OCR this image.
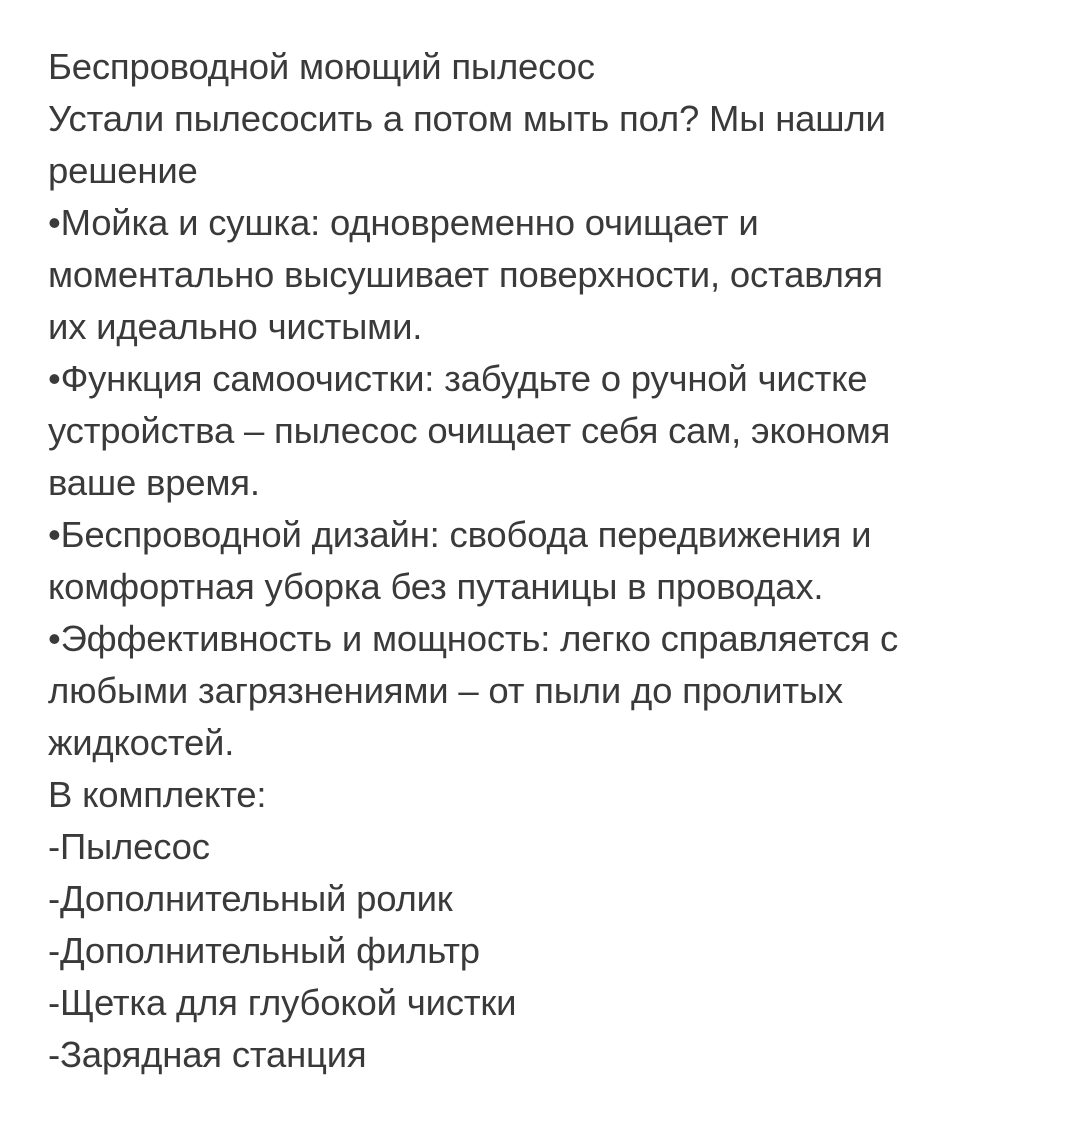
Беспроводной моющий пылесос

Устали пылесосить а потом мыть пол? Мы нашли

решение

•Мойка и сушка: одновременно очищает и

моментально высушивает поверхности, оставляя

их идеально чистыми.

•Функция самоочистки: забудьте о ручной чистке

устройства – пылесос очищает себя сам, экономя

ваше время.

•Беспроводной дизайн: свобода передвижения и

комфортная уборка без путаницы в проводах.

•Эффективность и мощность: легко справляется с

любыми загрязнениями – от пыли до пролитых

жидкостей.

В комплекте:

-Пылесос

-Дополнительный ролик

-Дополнительный фильтр

-Щетка для глубокой чистки

-Зарядная станция
